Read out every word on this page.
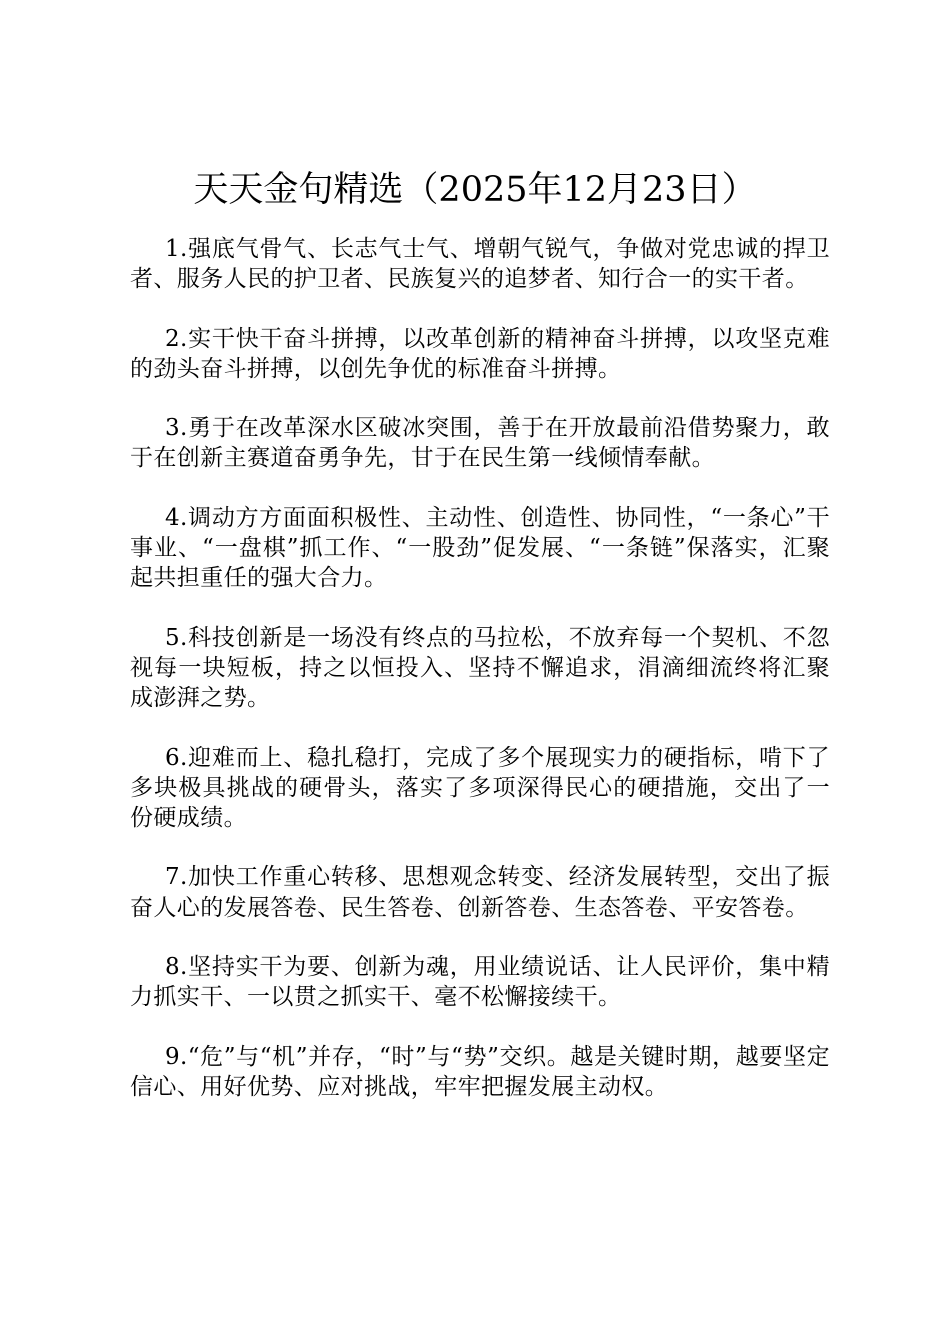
天天金句精选（2025年12月23日）

1.强底气骨气、长志气士气、增朝气锐气，争做对党忠诚的捍卫者、服务人民的护卫者、民族复兴的追梦者、知行合一的实干者。

2.实干快干奋斗拼搏，以改革创新的精神奋斗拼搏，以攻坚克难的劲头奋斗拼搏，以创先争优的标准奋斗拼搏。

3.勇于在改革深水区破冰突围，善于在开放最前沿借势聚力，敢于在创新主赛道奋勇争先，甘于在民生第一线倾情奉献。

4.调动方方面面积极性、主动性、创造性、协同性，“一条心”干事业、“一盘棋”抓工作、“一股劲”促发展、“一条链”保落实，汇聚起共担重任的强大合力。

5.科技创新是一场没有终点的马拉松，不放弃每一个契机、不忽视每一块短板，持之以恒投入、坚持不懈追求，涓滴细流终将汇聚成澎湃之势。

6.迎难而上、稳扎稳打，完成了多个展现实力的硬指标，啃下了多块极具挑战的硬骨头，落实了多项深得民心的硬措施，交出了一份硬成绩。

7.加快工作重心转移、思想观念转变、经济发展转型，交出了振奋人心的发展答卷、民生答卷、创新答卷、生态答卷、平安答卷。

8.坚持实干为要、创新为魂，用业绩说话、让人民评价，集中精力抓实干、一以贯之抓实干、毫不松懈接续干。

9.“危”与“机”并存，“时”与“势”交织。越是关键时期，越要坚定信心、用好优势、应对挑战，牢牢把握发展主动权。
